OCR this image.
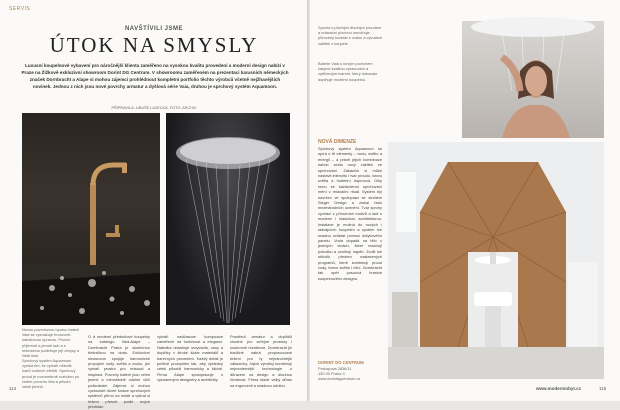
SERVIS
NAVŠTÍVILI JSME
ÚTOK NA SMYSLY
Luxusní koupelnové vybavení pro náročnější klienta zaměřeno na vysokou kvalitu provedení a moderní design nabízí v Praze na Žižkově exkluzivní showroom Dorint DG Centrum. V showroomu zaměřeném na prezentaci luxusních německých značek Dornbracht a Alape si mohou zájemci prohlédnout kompletní portfolio těchto výrobců včetně nejžhavějších novinek. Jednou z nich jsou nové povrchy armatur a dyšlová série Vaia, druhou je sprchový systém Aquamoon.
PŘIPRAVILA: LIBUŠE LAZECKÁ, FOTO: ARCHIV
Novou povrchovou úpravu baterií Vaia se vyznačuje bronzově-kartáčovou úpravou. Povrch příjemně a jemně ladí a s mikrotextu podtrhuje její obrysy a čisté linie.
Sprchový systém Aquamoon vyniká tím, že vytváří několik tvarů vodních efektů. Sprchový proud je rovnoměrně rozložen po celém povrchu těla a působí velmi jemně.
O d moderní předsíňové koupelny na katalogu Vaia-Alape – Dornbracht Praha je skutečnou třešničkou na dortu. Exkluzivní showroom spojuje harmonické propojení vody, světla a zvuku, jež vytváří prostor pro relaxaci a inspiraci. Povrchy baterií jsou velmi jemné a mimořádně odolné vůči poškrábání. Zájemci si mohou vyzkoušet různé funkce sprchových systémů přímo na místě a vybrat si řešení přesně podle svých představ.
vytváří nadčasové kompozice zaměřené na funkčnost a eleganci. Nabídka obsahuje umyvadla, vany a doplňky v široké škále materiálů a barevných provedení. Každý detail je pečlivě promyšlen tak, aby výsledný celek působil harmonicky a klidně. Firma Alape spolupracuje s významnými designéry a architekty.
Prostředí armatur a doplňků vhodné pro veřejné prostory i soukromé rezidence. Dornbracht již tradičně nabízí propracované řešení pro ty nejnáročnější zákazníky. Jejich výrobky kombinují nejmodernější technologie s důrazem na design a dlouhou životnost. Firma klade velký důraz na ergonomii a snadnou údržbu.
114
Sprcha s plochým dlouhým proudem a relaxační plochou umožňuje přirozený kontakt s vodou a vyvolává zážitek z koupele.
Baterie Vaia s novým povrchem zaujme kvalitou zpracování a vytříbeným tvarem, který dokonale doplňuje moderní koupelnu.
NOVÁ DIMENZE
Sprchový systém Aquamoon se opírá o tři elementy – vodu, světlo a energii – a právě jejich kombinace nabízí zcela nový zážitek ze sprchování. Zákazník si může nastavit intenzitu i tvar proudu, barvu světla a hudební doprovod. Díky tomu se každodenní sprchování mění v relaxační rituál. Systém byl navržen ve spolupráci se studiem Sieger Design a získal řadu mezinárodních ocenění. Tvar sprchy vychází z přírodních motivů a ladí s moderní i klasickou architekturou. Instalace je možná do nových i stávajících koupelen a systém lze snadno ovládat pomocí dotykového panelu. Voda dopadá na tělo v jemných vlnách, které masírují pokožku a uvolňují napětí. Zvolit lze několik předem nastavených programů, které kombinují proud vody, barvu světla i vůni. Dornbracht tak opět posouvá hranice koupelnového designu.
DORINT DG CENTRUM
Prokopova 2836/11
130 00 Praha 3
www.dorintdgcentrum.cz
www.moderniobyt.cz	115
